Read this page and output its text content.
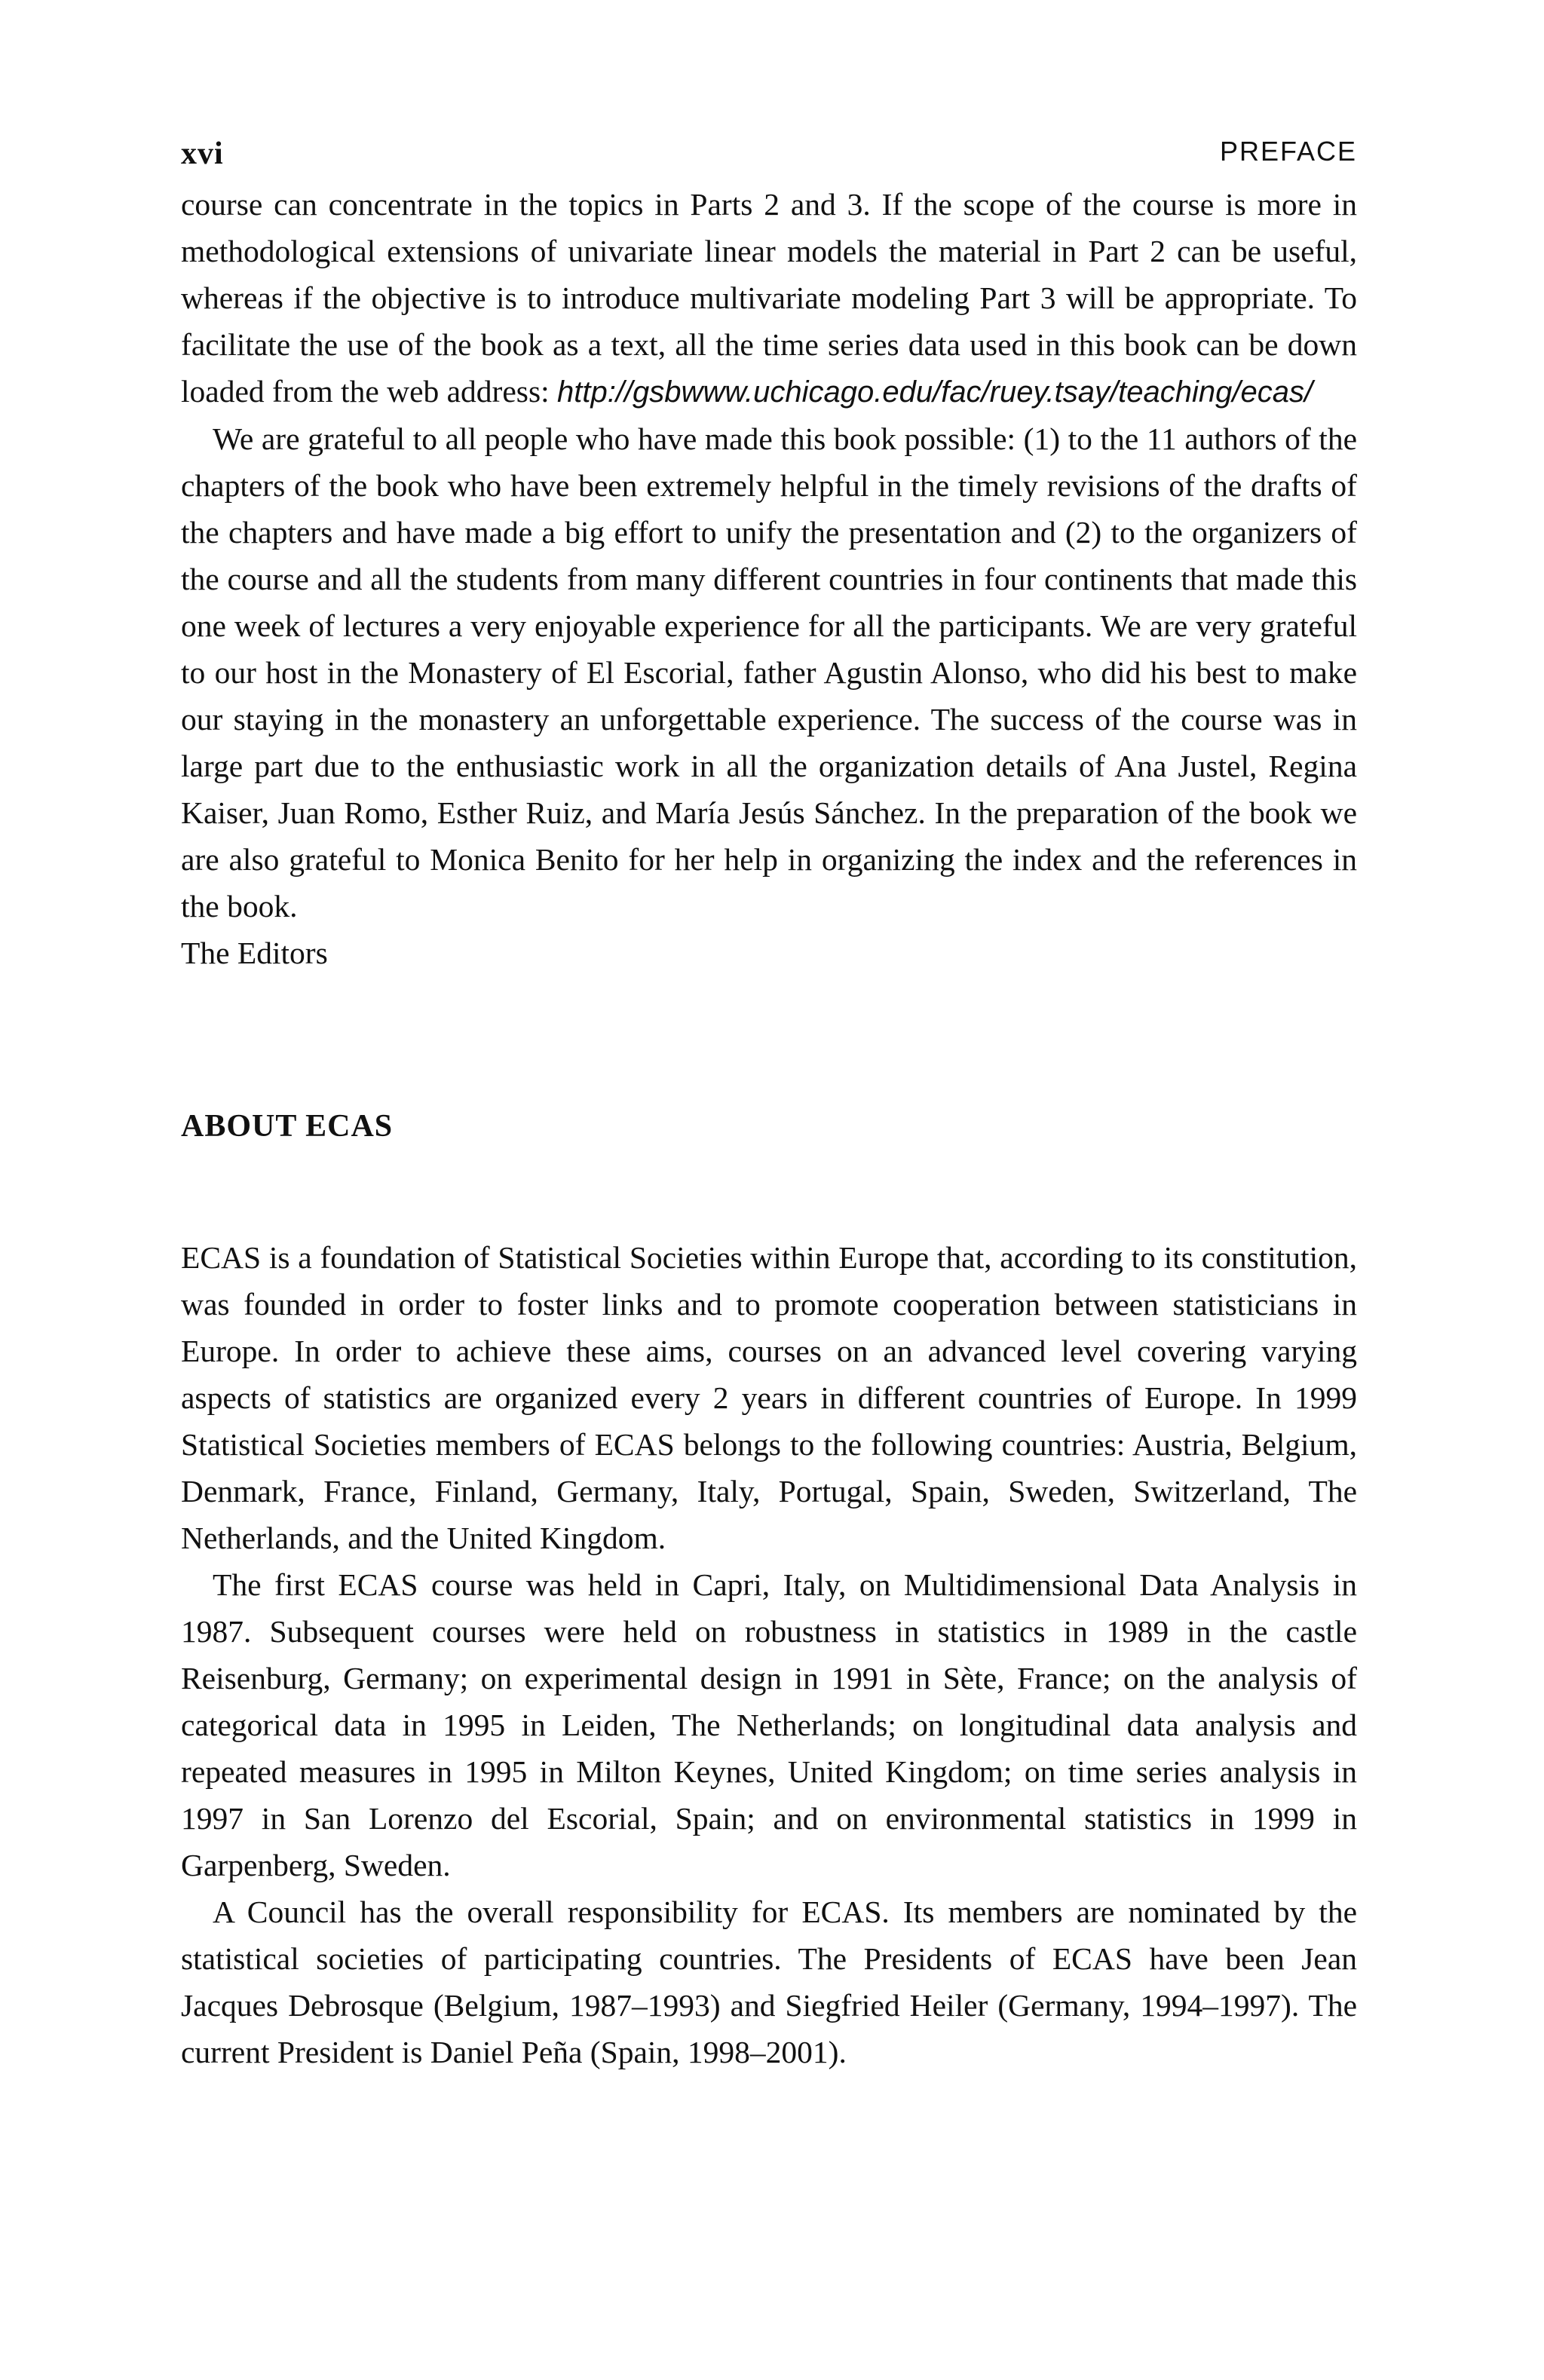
xvi	PREFACE

course can concentrate in the topics in Parts 2 and 3. If the scope of the course is more in methodological extensions of univariate linear models the material in Part 2 can be useful, whereas if the objective is to introduce multivariate modeling Part 3 will be appropriate. To facilitate the use of the book as a text, all the time series data used in this book can be down loaded from the web address: http://gsbwww.uchicago.edu/fac/ruey.tsay/teaching/ecas/

We are grateful to all people who have made this book possible: (1) to the 11 authors of the chapters of the book who have been extremely helpful in the timely revisions of the drafts of the chapters and have made a big effort to unify the presentation and (2) to the organizers of the course and all the students from many different countries in four continents that made this one week of lectures a very enjoyable experience for all the participants. We are very grateful to our host in the Monastery of El Escorial, father Agustin Alonso, who did his best to make our staying in the monastery an unforgettable experience. The success of the course was in large part due to the enthusiastic work in all the organization details of Ana Justel, Regina Kaiser, Juan Romo, Esther Ruiz, and María Jesús Sánchez. In the preparation of the book we are also grateful to Monica Benito for her help in organizing the index and the references in the book.

The Editors

ABOUT ECAS

ECAS is a foundation of Statistical Societies within Europe that, according to its constitution, was founded in order to foster links and to promote cooperation between statisticians in Europe. In order to achieve these aims, courses on an advanced level covering varying aspects of statistics are organized every 2 years in different countries of Europe. In 1999 Statistical Societies members of ECAS belongs to the following countries: Austria, Belgium, Denmark, France, Finland, Germany, Italy, Portugal, Spain, Sweden, Switzerland, The Netherlands, and the United Kingdom.

The first ECAS course was held in Capri, Italy, on Multidimensional Data Analysis in 1987. Subsequent courses were held on robustness in statistics in 1989 in the castle Reisenburg, Germany; on experimental design in 1991 in Sète, France; on the analysis of categorical data in 1995 in Leiden, The Netherlands; on longitudinal data analysis and repeated measures in 1995 in Milton Keynes, United Kingdom; on time series analysis in 1997 in San Lorenzo del Escorial, Spain; and on environmental statistics in 1999 in Garpenberg, Sweden.

A Council has the overall responsibility for ECAS. Its members are nominated by the statistical societies of participating countries. The Presidents of ECAS have been Jean Jacques Debrosque (Belgium, 1987–1993) and Siegfried Heiler (Germany, 1994–1997). The current President is Daniel Peña (Spain, 1998–2001).
